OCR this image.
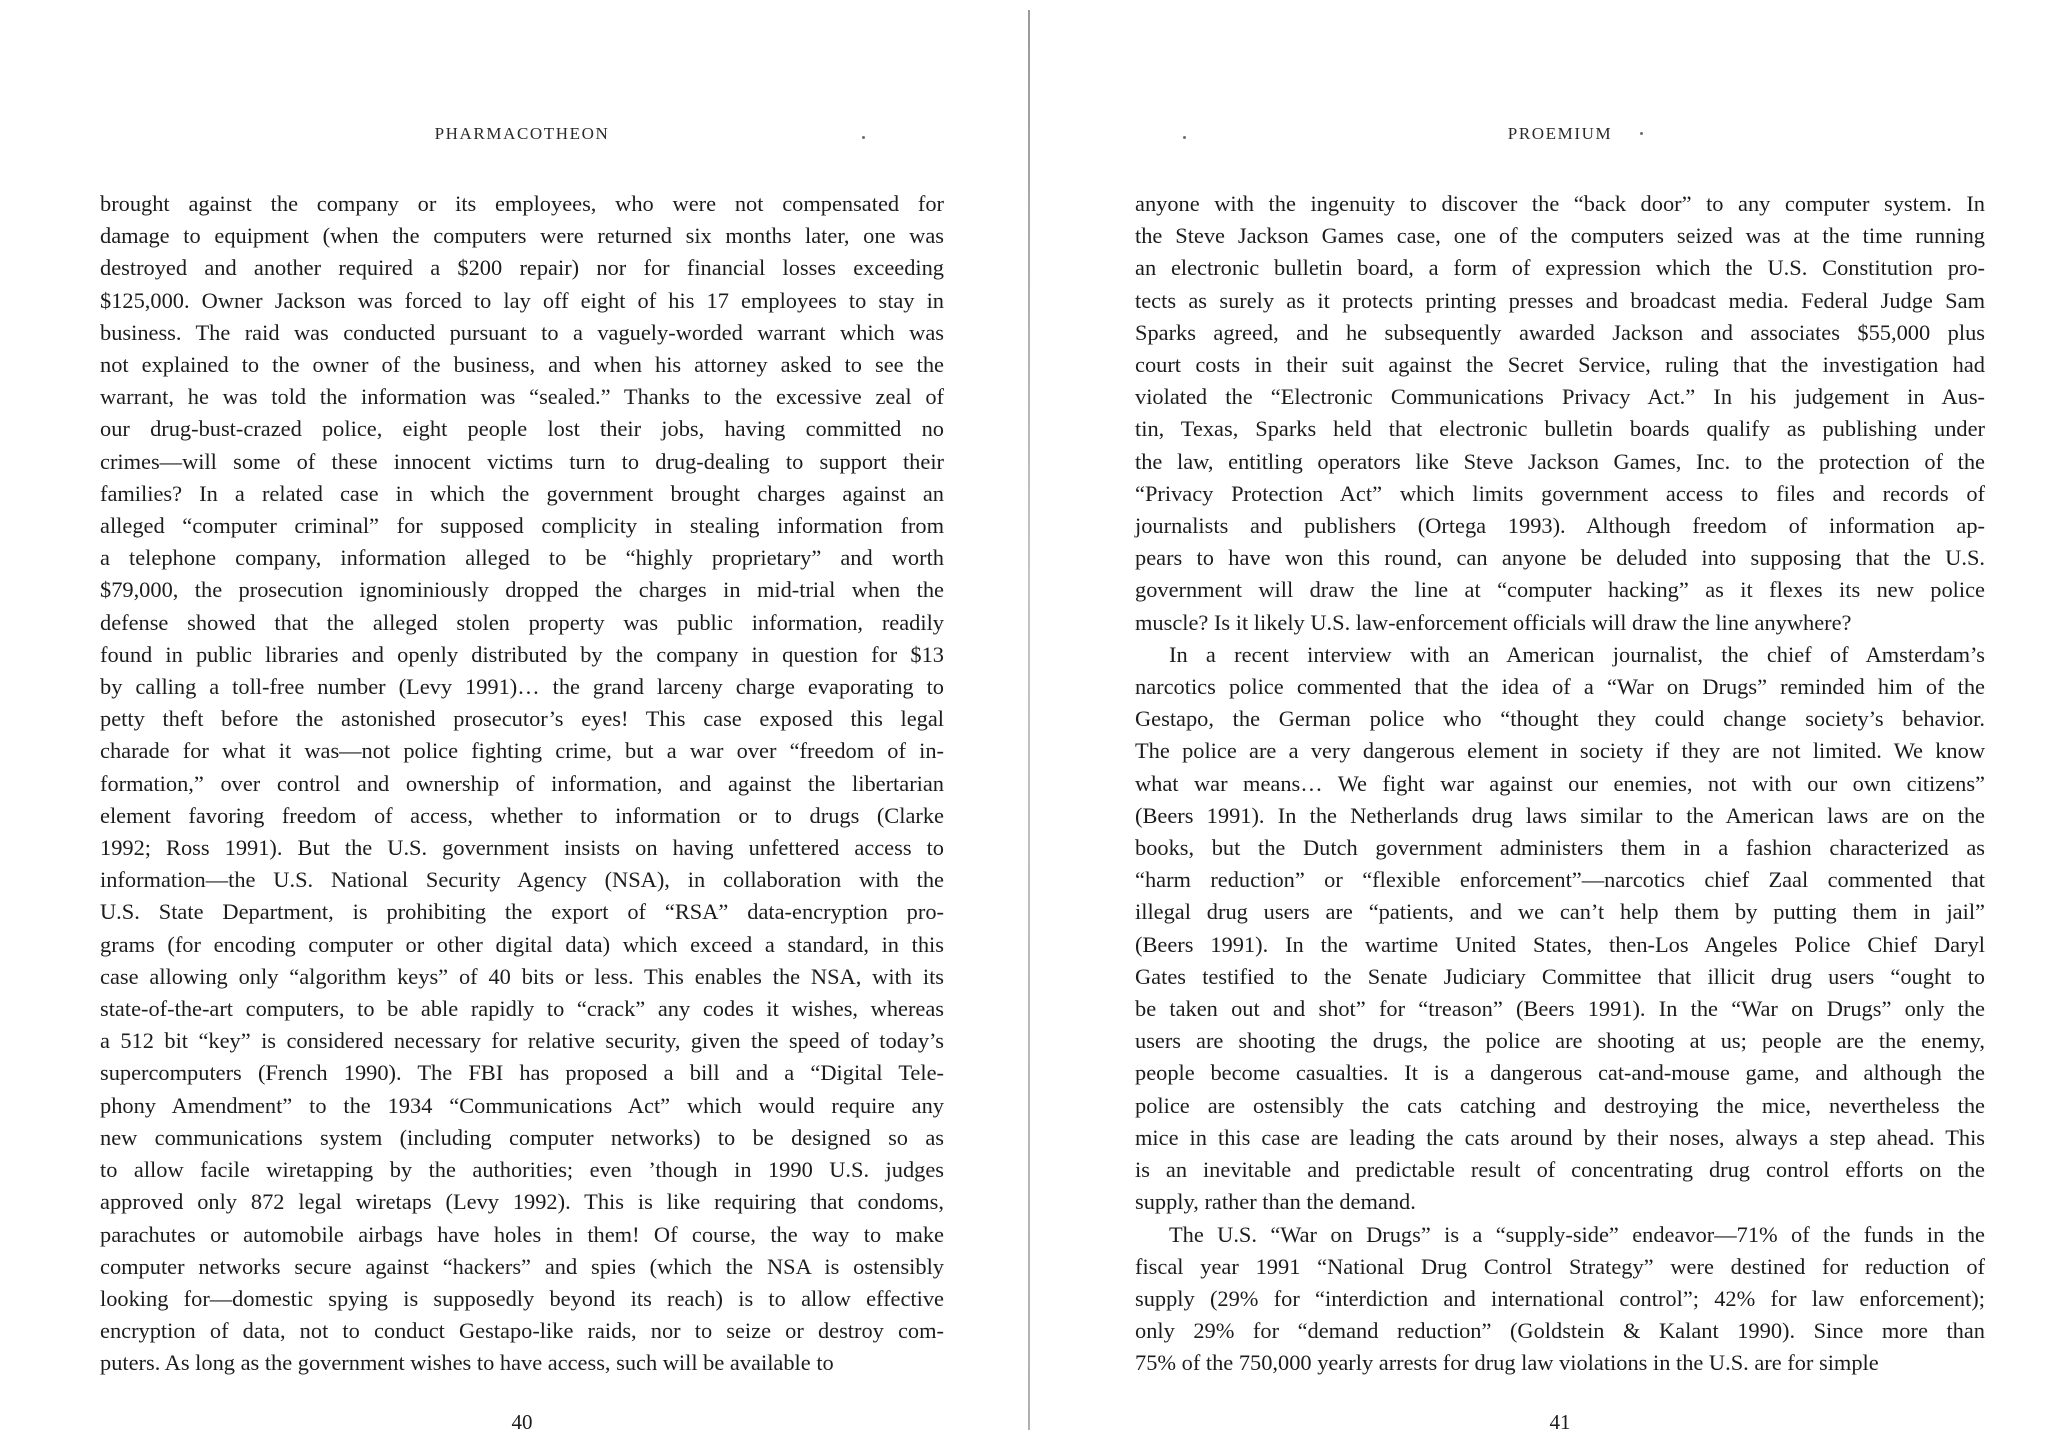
PHARMACOTHEON
brought against the company or its employees, who were not compensated for
damage to equipment (when the computers were returned six months later, one was
destroyed and another required a $200 repair) nor for financial losses exceeding
$125,000. Owner Jackson was forced to lay off eight of his 17 employees to stay in
business. The raid was conducted pursuant to a vaguely-worded warrant which was
not explained to the owner of the business, and when his attorney asked to see the
warrant, he was told the information was “sealed.” Thanks to the excessive zeal of
our drug-bust-crazed police, eight people lost their jobs, having committed no
crimes—will some of these innocent victims turn to drug-dealing to support their
families? In a related case in which the government brought charges against an
alleged “computer criminal” for supposed complicity in stealing information from
a telephone company, information alleged to be “highly proprietary” and worth
$79,000, the prosecution ignominiously dropped the charges in mid-trial when the
defense showed that the alleged stolen property was public information, readily
found in public libraries and openly distributed by the company in question for $13
by calling a toll-free number (Levy 1991)… the grand larceny charge evaporating to
petty theft before the astonished prosecutor’s eyes! This case exposed this legal
charade for what it was—not police fighting crime, but a war over “freedom of in-
formation,” over control and ownership of information, and against the libertarian
element favoring freedom of access, whether to information or to drugs (Clarke
1992; Ross 1991). But the U.S. government insists on having unfettered access to
information—the U.S. National Security Agency (NSA), in collaboration with the
U.S. State Department, is prohibiting the export of “RSA” data-encryption pro-
grams (for encoding computer or other digital data) which exceed a standard, in this
case allowing only “algorithm keys” of 40 bits or less. This enables the NSA, with its
state-of-the-art computers, to be able rapidly to “crack” any codes it wishes, whereas
a 512 bit “key” is considered necessary for relative security, given the speed of today’s
supercomputers (French 1990). The FBI has proposed a bill and a “Digital Tele-
phony Amendment” to the 1934 “Communications Act” which would require any
new communications system (including computer networks) to be designed so as
to allow facile wiretapping by the authorities; even ’though in 1990 U.S. judges
approved only 872 legal wiretaps (Levy 1992). This is like requiring that condoms,
parachutes or automobile airbags have holes in them! Of course, the way to make
computer networks secure against “hackers” and spies (which the NSA is ostensibly
looking for—domestic spying is supposedly beyond its reach) is to allow effective
encryption of data, not to conduct Gestapo-like raids, nor to seize or destroy com-
puters. As long as the government wishes to have access, such will be available to
40
PROEMIUM
anyone with the ingenuity to discover the “back door” to any computer system. In
the Steve Jackson Games case, one of the computers seized was at the time running
an electronic bulletin board, a form of expression which the U.S. Constitution pro-
tects as surely as it protects printing presses and broadcast media. Federal Judge Sam
Sparks agreed, and he subsequently awarded Jackson and associates $55,000 plus
court costs in their suit against the Secret Service, ruling that the investigation had
violated the “Electronic Communications Privacy Act.” In his judgement in Aus-
tin, Texas, Sparks held that electronic bulletin boards qualify as publishing under
the law, entitling operators like Steve Jackson Games, Inc. to the protection of the
“Privacy Protection Act” which limits government access to files and records of
journalists and publishers (Ortega 1993). Although freedom of information ap-
pears to have won this round, can anyone be deluded into supposing that the U.S.
government will draw the line at “computer hacking” as it flexes its new police
muscle? Is it likely U.S. law-enforcement officials will draw the line anywhere?
In a recent interview with an American journalist, the chief of Amsterdam’s
narcotics police commented that the idea of a “War on Drugs” reminded him of the
Gestapo, the German police who “thought they could change society’s behavior.
The police are a very dangerous element in society if they are not limited. We know
what war means… We fight war against our enemies, not with our own citizens”
(Beers 1991). In the Netherlands drug laws similar to the American laws are on the
books, but the Dutch government administers them in a fashion characterized as
“harm reduction” or “flexible enforcement”—narcotics chief Zaal commented that
illegal drug users are “patients, and we can’t help them by putting them in jail”
(Beers 1991). In the wartime United States, then-Los Angeles Police Chief Daryl
Gates testified to the Senate Judiciary Committee that illicit drug users “ought to
be taken out and shot” for “treason” (Beers 1991). In the “War on Drugs” only the
users are shooting the drugs, the police are shooting at us; people are the enemy,
people become casualties. It is a dangerous cat-and-mouse game, and although the
police are ostensibly the cats catching and destroying the mice, nevertheless the
mice in this case are leading the cats around by their noses, always a step ahead. This
is an inevitable and predictable result of concentrating drug control efforts on the
supply, rather than the demand.
The U.S. “War on Drugs” is a “supply-side” endeavor—71% of the funds in the
fiscal year 1991 “National Drug Control Strategy” were destined for reduction of
supply (29% for “interdiction and international control”; 42% for law enforcement);
only 29% for “demand reduction” (Goldstein & Kalant 1990). Since more than
75% of the 750,000 yearly arrests for drug law violations in the U.S. are for simple
41
